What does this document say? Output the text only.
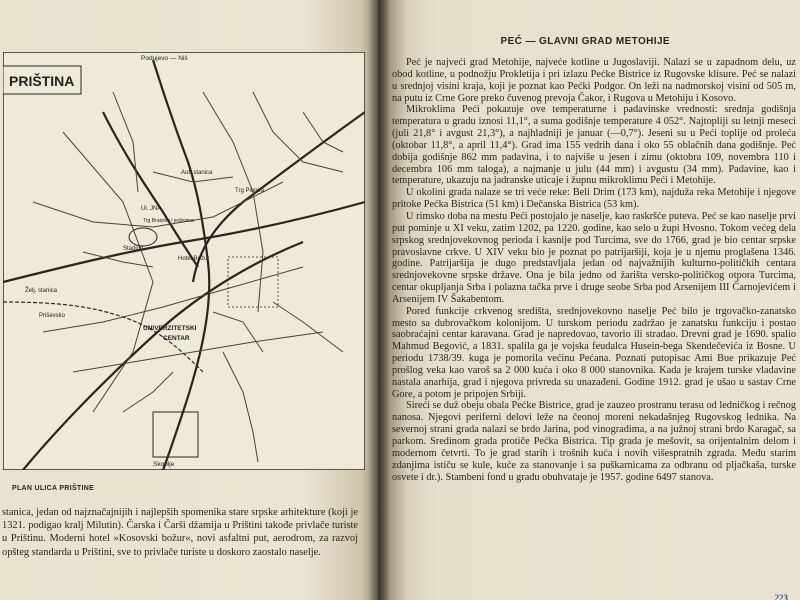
PRIŠTINA
Podujevo — Niš
Aut. stanica
Trg Pionira
Ul. JNA
Trg Bratstva i jedinstva
Stadion
Hotel Božur
Želj. stanica
Priševsko
UNIVERZITETSKI
CENTAR
Skoplje
PLAN ULICA PRIŠTINE

stanica, jedan od najznačajnijih i najlepših spomenika stare srpske arhitekture (koji je 1321. podigao kralj Milutin). Čarska i Čarši džamija u Prištini takođe privlače turiste u Prištinu. Moderni hotel »Kosovski božur«, novi asfaltni put, aerodrom, za razvoj opšteg standarda u Prištini, sve to privlače turiste u doskoro zaostalo naselje.

PEĆ — GLAVNI GRAD METOHIJE

Peć je najveći grad Metohije, najveće kotline u Jugoslaviji. Nalazi se u zapadnom delu, uz obod kotline, u podnožju Prokletija i pri izlazu Pećke Bistrice iz Rugovske klisure. Peć se nalazi u srednjoj visini kraja, koji je poznat kao Pećki Podgor. On leži na nadmorskoj visini od 505 m, na putu iz Crne Gore preko čuvenog prevoja Čakor, i Rugova u Metohiju i Kosovo.

Mikroklima Peći pokazuje ove temperaturne i padavinske vrednosti: srednja godišnja temperatura u gradu iznosi 11,1°, a suma godišnje temperature 4 052°. Najtopliji su letnji meseci (juli 21,8° i avgust 21,3°), a najhladniji je januar (—0,7°). Jeseni su u Peći toplije od proleća (oktobar 11,8°, a april 11,4°). Grad ima 155 vedrih dana i oko 55 oblačnih dana godišnje. Peć dobija godišnje 862 mm padavina, i to najviše u jesen i zimu (oktobra 109, novembra 110 i decembra 106 mm taloga), a najmanje u julu (44 mm) i avgustu (34 mm). Padavine, kao i temperature, ukazuju na jadranske uticaje i župnu mikroklimu Peći i Metohije.

U okolini grada nalaze se tri veće reke: Beli Drim (173 km), najduža reka Metohije i njegove pritoke Pećka Bistrica (51 km) i Dečanska Bistrica (53 km).

U rimsko doba na mestu Peći postojalo je naselje, kao raskršće puteva. Peć se kao naselje prvi put pominje u XI veku, zatim 1202, pa 1220. godine, kao selo u župi Hvosno. Tokom većeg dela srpskog srednjovekovnog perioda i kasnije pod Turcima, sve do 1766, grad je bio centar srpske pravoslavne crkve. U XIV veku bio je poznat po patrijaršiji, koja je u njemu proglašena 1346. godine. Patrijaršija je dugo predstavljala jedan od najvažnijih kulturno-političkih centara srednjovekovne srpske države. Ona je bila jedno od žarišta versko-političkog otpora Turcima, centar okupljanja Srba i polazna tačka prve i druge seobe Srba pod Arsenijem III Čarnojevićem i Arsenijem IV Šakabentom.

Pored funkcije crkvenog središta, srednjovekovno naselje Peć bilo je trgovačko-zanatsko mesto sa dubrovačkom kolonijom. U turskom periodu zadržao je zanatsku funkciju i postao saobraćajni centar karavana. Grad je napredovao, tavorio ili stradao. Drevni grad je 1690. spalio Mahmud Begović, a 1831. spalila ga je vojska feudalca Husein-bega Skendečevića iz Bosne. U periodu 1738/39. kuga je pomorila većinu Pećana. Poznati putopisac Ami Bue prikazuje Peć prošlog veka kao varoš sa 2 000 kuća i oko 8 000 stanovnika. Kada je krajem turske vladavine nastala anarhija, grad i njegova privreda su unazađeni. Godine 1912. grad je ušao u sastav Crne Gore, a potom je pripojen Srbiji.

Sireći se duž obeju obala Pećke Bistrice, grad je zauzeo prostranu terasu od ledničkog i rečnog nanosa. Njegovi periferni delovi leže na čeonoj moreni nekadašnjeg Rugovskog lednika. Na severnoj strani grada nalazi se brdo Jarina, pod vinogradima, a na južnoj strani brdo Karagač, sa parkom. Sredinom grada protiče Pećka Bistrica. Tip grada je mešovit, sa orijentalnim delom i modernom četvrti. To je grad starih i trošnih kuća i novih višespratnih zgrada. Među starim zdanjima ističu se kule, kuće za stanovanje i sa puškarnicama za odbranu od pljačkaša, turske osvete i dr.). Stambeni fond u gradu obuhvataje je 1957. godine 6497 stanova.

223
